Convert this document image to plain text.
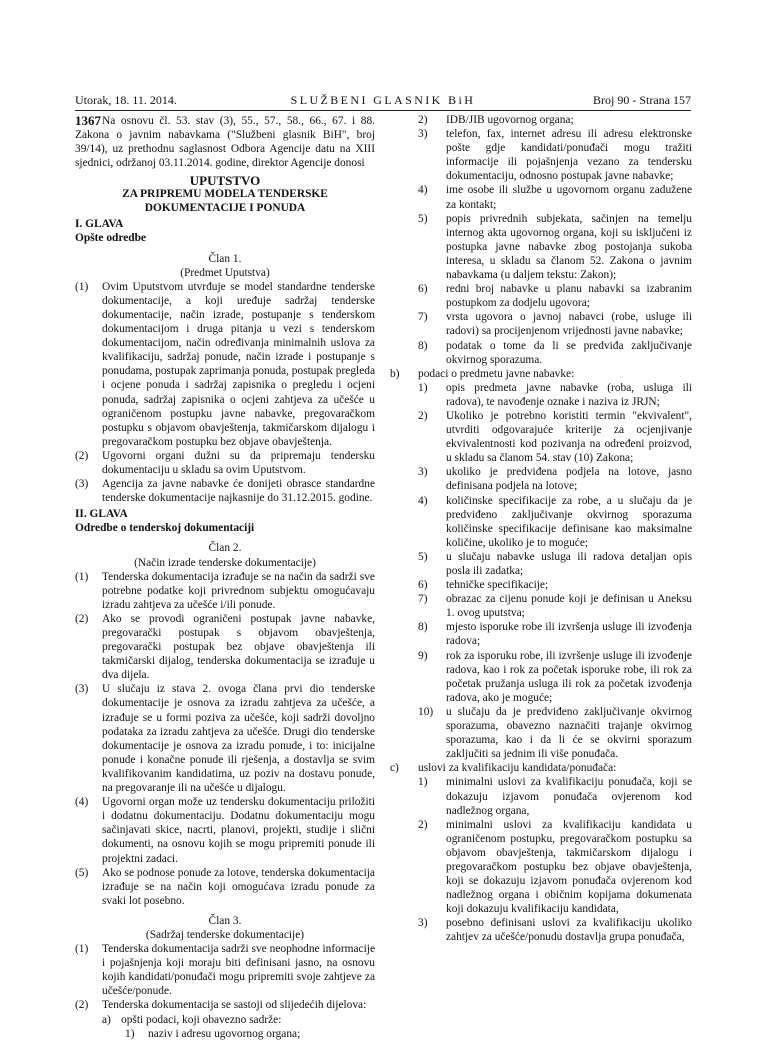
Utorak, 18. 11. 2014.	SLUŽBENI GLASNIK BiH	Broj 90 - Strana 157
1367 Na osnovu čl. 53. stav (3), 55., 57., 58., 66., 67. i 88. Zakona o javnim nabavkama ("Službeni glasnik BiH", broj 39/14), uz prethodnu saglasnost Odbora Agencije datu na XIII sjednici, održanoj 03.11.2014. godine, direktor Agencije donosi

UPUTSTVO
ZA PRIPREMU MODELA TENDERSKE
DOKUMENTACIJE I PONUDA
I. GLAVA
Opšte odredbe
Član 1.
(Predmet Uputstva)
(1) Ovim Uputstvom utvrđuje se model standardne tenderske dokumentacije, a koji uređuje sadržaj tenderske dokumentacije, način izrade, postupanje s tenderskom dokumentacijom i druga pitanja u vezi s tenderskom dokumentacijom, način određivanja minimalnih uslova za kvalifikaciju, sadržaj ponude, način izrade i postupanje s ponudama, postupak zaprimanja ponuda, postupak pregleda i ocjene ponuda i sadržaj zapisnika o pregledu i ocjeni ponuda, sadržaj zapisnika o ocjeni zahtjeva za učešće u ograničenom postupku javne nabavke, pregovaračkom postupku s objavom obavještenja, takmičarskom dijalogu i pregovaračkom postupku bez objave obavještenja.
(2) Ugovorni organi dužni su da pripremaju tendersku dokumentaciju u skladu sa ovim Uputstvom.
(3) Agencija za javne nabavke će donijeti obrasce standardne tenderske dokumentacije najkasnije do 31.12.2015. godine.
II. GLAVA
Odredbe o tenderskoj dokumentaciji
Član 2.
(Način izrade tenderske dokumentacije)
(1) Tenderska dokumentacija izrađuje se na način da sadrži sve potrebne podatke koji privrednom subjektu omogućavaju izradu zahtjeva za učešće i/ili ponude.
(2) Ako se provodi ograničeni postupak javne nabavke, pregovarački postupak s objavom obavještenja, pregovarački postupak bez objave obavještenja ili takmičarski dijalog, tenderska dokumentacija se izrađuje u dva dijela.
(3) U slučaju iz stava 2. ovoga člana prvi dio tenderske dokumentacije je osnova za izradu zahtjeva za učešće, a izrađuje se u formi poziva za učešće, koji sadrži dovoljno podataka za izradu zahtjeva za učešće. Drugi dio tenderske dokumentacije je osnova za izradu ponude, i to: inicijalne ponude i konačne ponude ili rješenja, a dostavlja se svim kvalifikovanim kandidatima, uz poziv na dostavu ponude, na pregovaranje ili na učešće u dijalogu.
(4) Ugovorni organ može uz tendersku dokumentaciju priložiti i dodatnu dokumentaciju. Dodatnu dokumentaciju mogu sačinjavati skice, nacrti, planovi, projekti, studije i slični dokumenti, na osnovu kojih se mogu pripremiti ponude ili projektni zadaci.
(5) Ako se podnose ponude za lotove, tenderska dokumentacija izrađuje se na način koji omogućava izradu ponude za svaki lot posebno.
Član 3.
(Sadržaj tenderske dokumentacije)
(1) Tenderska dokumentacija sadrži sve neophodne informacije i pojašnjenja koji moraju biti definisani jasno, na osnovu kojih kandidati/ponuđači mogu pripremiti svoje zahtjeve za učešće/ponude.
(2) Tenderska dokumentacija se sastoji od slijedećih dijelova:
a) opšti podaci, koji obavezno sadrže:
1) naziv i adresu ugovornog organa;
2) IDB/JIB ugovornog organa;
3) telefon, fax, internet adresu ili adresu elektronske pošte gdje kandidati/ponuđači mogu tražiti informacije ili pojašnjenja vezano za tendersku dokumentaciju, odnosno postupak javne nabavke;
4) ime osobe ili službe u ugovornom organu zadužene za kontakt;
5) popis privrednih subjekata, sačinjen na temelju internog akta ugovornog organa, koji su isključeni iz postupka javne nabavke zbog postojanja sukoba interesa, u skladu sa članom 52. Zakona o javnim nabavkama (u daljem tekstu: Zakon);
6) redni broj nabavke u planu nabavki sa izabranim postupkom za dodjelu ugovora;
7) vrsta ugovora o javnoj nabavci (robe, usluge ili radovi) sa procijenjenom vrijednosti javne nabavke;
8) podatak o tome da li se predviđa zaključivanje okvirnog sporazuma.
b) podaci o predmetu javne nabavke:
1) opis predmeta javne nabavke (roba, usluga ili radova), te navođenje oznake i naziva iz JRJN;
2) Ukoliko je potrebno koristiti termin "ekvivalent", utvrditi odgovarajuće kriterije za ocjenjivanje ekvivalentnosti kod pozivanja na određeni proizvod, u skladu sa članom 54. stav (10) Zakona;
3) ukoliko je predviđena podjela na lotove, jasno definisana podjela na lotove;
4) količinske specifikacije za robe, a u slučaju da je predviđeno zaključivanje okvirnog sporazuma količinske specifikacije definisane kao maksimalne količine, ukoliko je to moguće;
5) u slučaju nabavke usluga ili radova detaljan opis posla ili zadatka;
6) tehničke specifikacije;
7) obrazac za cijenu ponude koji je definisan u Aneksu 1. ovog uputstva;
8) mjesto isporuke robe ili izvršenja usluge ili izvođenja radova;
9) rok za isporuku robe, ili izvršenje usluge ili izvođenje radova, kao i rok za početak isporuke robe, ili rok za početak pružanja usluga ili rok za početak izvođenja radova, ako je moguće;
10) u slučaju da je predviđeno zaključivanje okvirnog sporazuma, obavezno naznačiti trajanje okvirnog sporazuma, kao i da li će se okvirni sporazum zaključiti sa jednim ili više ponuđača.
c) uslovi za kvalifikaciju kandidata/ponuđača:
1) minimalni uslovi za kvalifikaciju ponuđača, koji se dokazuju izjavom ponuđača ovjerenom kod nadležnog organa,
2) minimalni uslovi za kvalifikaciju kandidata u ograničenom postupku, pregovaračkom postupku sa objavom obavještenja, takmičarskom dijalogu i pregovaračkom postupku bez objave obavještenja, koji se dokazuju izjavom ponuđača ovjerenom kod nadležnog organa i običnim kopijama dokumenata koji dokazuju kvalifikaciju kandidata,
3) posebno definisani uslovi za kvalifikaciju ukoliko zahtjev za učešće/ponudu dostavlja grupa ponuđača,
